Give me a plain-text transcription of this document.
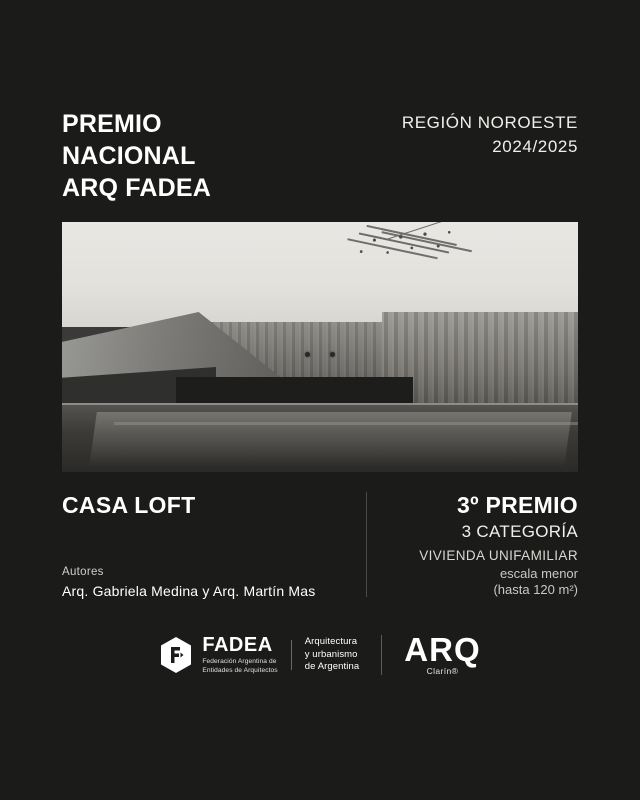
PREMIO
NACIONAL
ARQ FADEA
REGIÓN NOROESTE
2024/2025
CASA LOFT	3º PREMIO
3 CATEGORÍA
VIVIENDA UNIFAMILIAR
escala menor
(hasta 120 m²)
Autores
Arq. Gabriela Medina y Arq. Martín Mas
FADEA
Federación Argentina de
Entidades de Arquitectos
Arquitectura
y urbanismo
de Argentina ARQ
Clarín®
